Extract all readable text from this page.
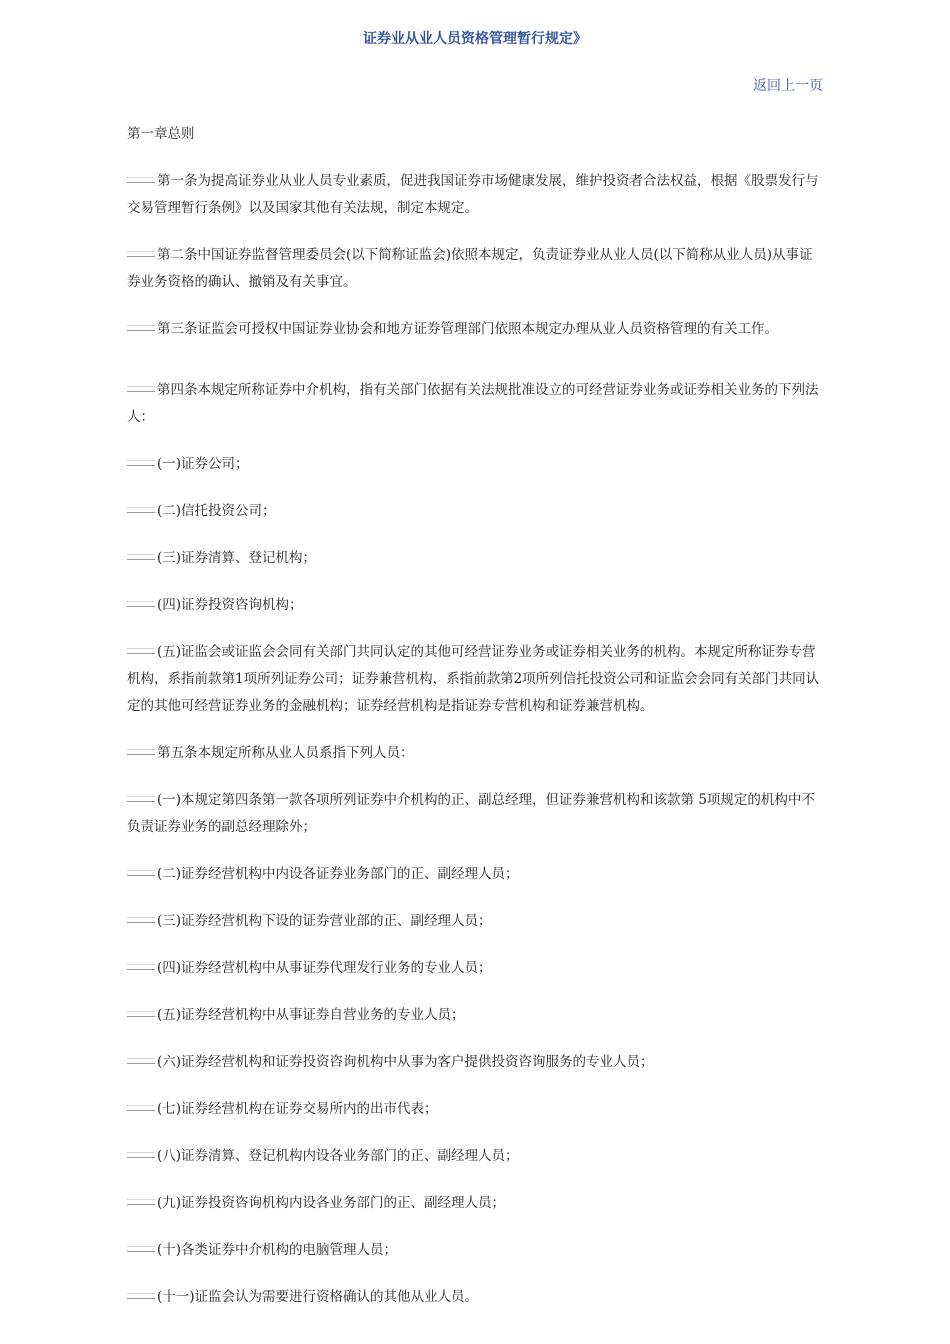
证券业从业人员资格管理暂行规定》
返回上一页

第一章总则

第一条为提高证券业从业人员专业素质，促进我国证券市场健康发展，维护投资者合法权益，根据《股票发行与交易管理暂行条例》以及国家其他有关法规，制定本规定。

第二条中国证券监督管理委员会(以下简称证监会)依照本规定，负责证券业从业人员(以下简称从业人员)从事证券业务资格的确认、撤销及有关事宜。

第三条证监会可授权中国证券业协会和地方证券管理部门依照本规定办理从业人员资格管理的有关工作。

第四条本规定所称证券中介机构，指有关部门依据有关法规批准设立的可经营证券业务或证券相关业务的下列法人：

(一)证券公司；

(二)信托投资公司；

(三)证券清算、登记机构；

(四)证券投资咨询机构；

(五)证监会或证监会会同有关部门共同认定的其他可经营证券业务或证券相关业务的机构。本规定所称证券专营机构，系指前款第1项所列证券公司；证券兼营机构，系指前款第2项所列信托投资公司和证监会会同有关部门共同认定的其他可经营证券业务的金融机构；证券经营机构是指证券专营机构和证券兼营机构。

第五条本规定所称从业人员系指下列人员：

(一)本规定第四条第一款各项所列证券中介机构的正、副总经理，但证券兼营机构和该款第 5项规定的机构中不负责证券业务的副总经理除外；

(二)证券经营机构中内设各证券业务部门的正、副经理人员；

(三)证券经营机构下设的证券营业部的正、副经理人员；

(四)证券经营机构中从事证券代理发行业务的专业人员；

(五)证券经营机构中从事证券自营业务的专业人员；

(六)证券经营机构和证券投资咨询机构中从事为客户提供投资咨询服务的专业人员；

(七)证券经营机构在证券交易所内的出市代表；

(八)证券清算、登记机构内设各业务部门的正、副经理人员；

(九)证券投资咨询机构内设各业务部门的正、副经理人员；

(十)各类证券中介机构的电脑管理人员；

(十一)证监会认为需要进行资格确认的其他从业人员。
